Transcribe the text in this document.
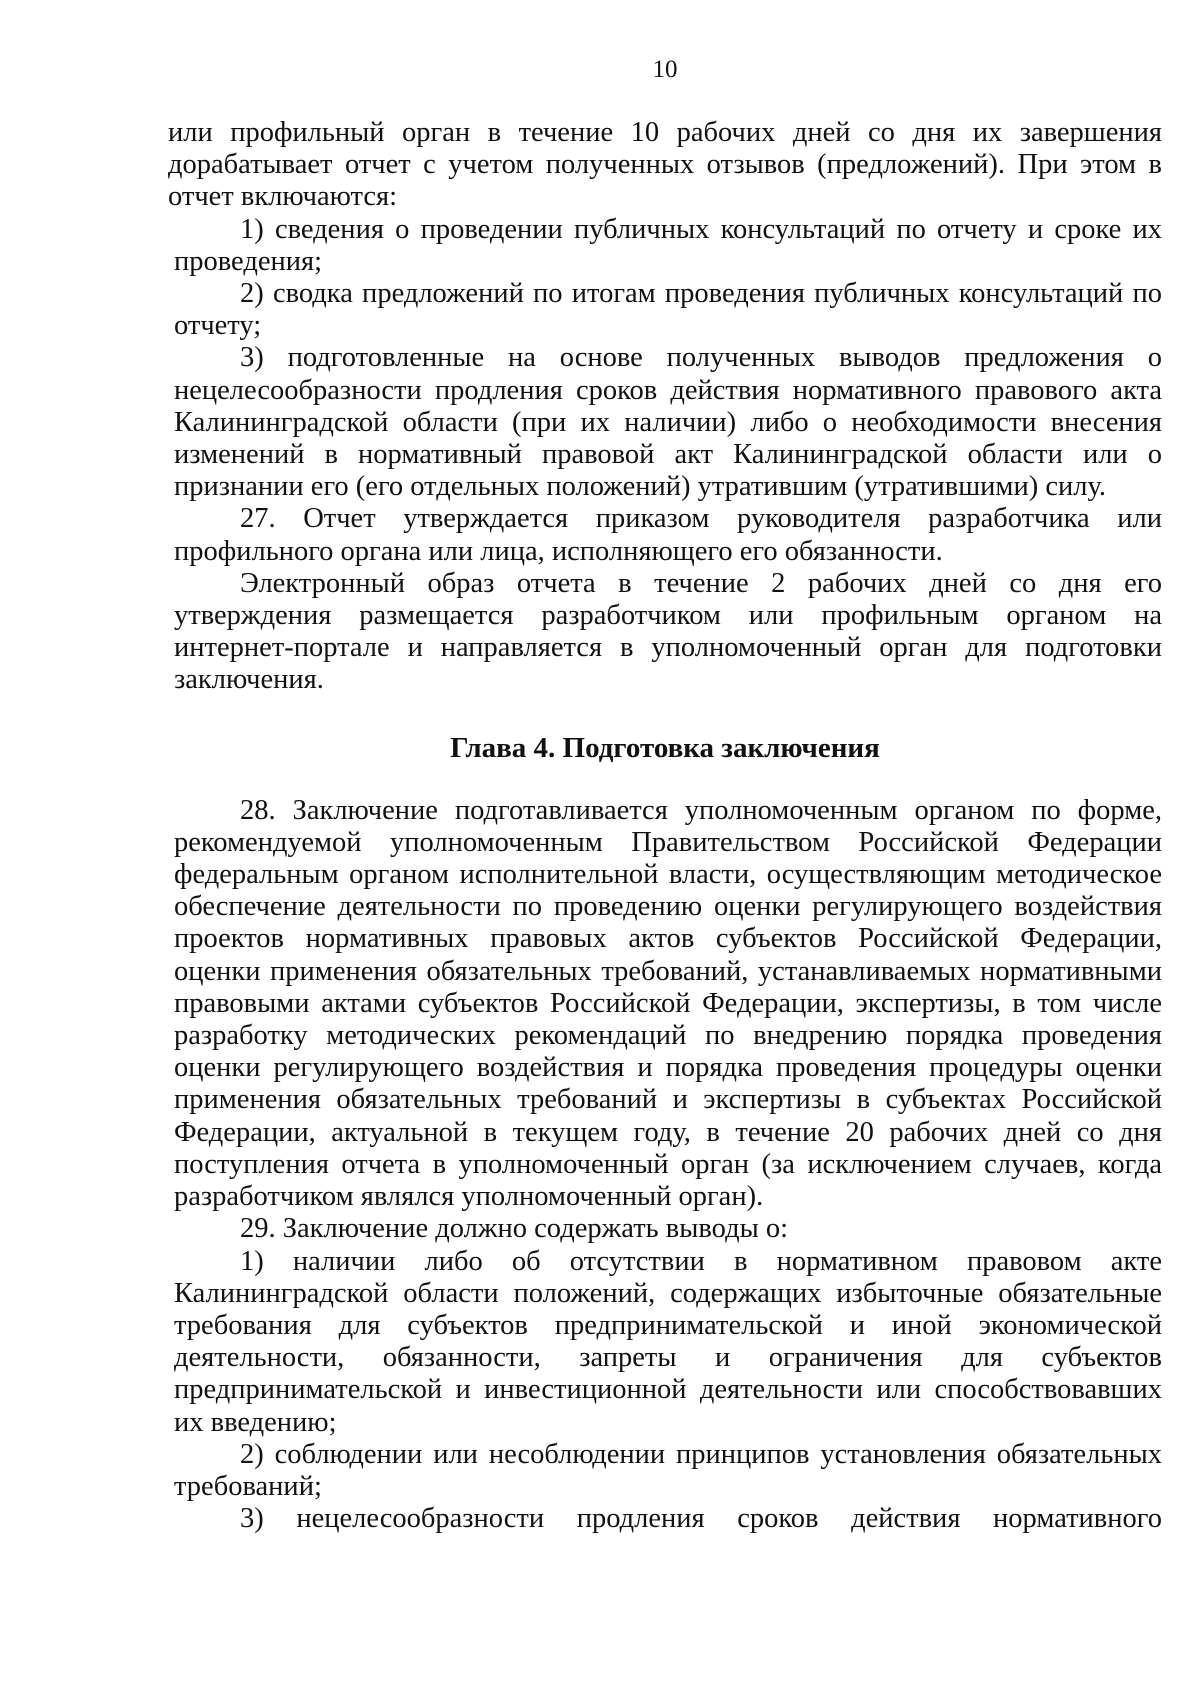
10

или профильный орган в течение 10 рабочих дней со дня их завершения дорабатывает отчет с учетом полученных отзывов (предложений). При этом в отчет включаются:

1) сведения о проведении публичных консультаций по отчету и сроке их проведения;

2) сводка предложений по итогам проведения публичных консультаций по отчету;

3) подготовленные на основе полученных выводов предложения о нецелесообразности продления сроков действия нормативного правового акта Калининградской области (при их наличии) либо о необходимости внесения изменений в нормативный правовой акт Калининградской области или о признании его (его отдельных положений) утратившим (утратившими) силу.

27. Отчет утверждается приказом руководителя разработчика или профильного органа или лица, исполняющего его обязанности.

Электронный образ отчета в течение 2 рабочих дней со дня его утверждения размещается разработчиком или профильным органом на интернет-портале и направляется в уполномоченный орган для подготовки заключения.

Глава 4. Подготовка заключения

28. Заключение подготавливается уполномоченным органом по форме, рекомендуемой уполномоченным Правительством Российской Федерации федеральным органом исполнительной власти, осуществляющим методическое обеспечение деятельности по проведению оценки регулирующего воздействия проектов нормативных правовых актов субъектов Российской Федерации, оценки применения обязательных требований, устанавливаемых нормативными правовыми актами субъектов Российской Федерации, экспертизы, в том числе разработку методических рекомендаций по внедрению порядка проведения оценки регулирующего воздействия и порядка проведения процедуры оценки применения обязательных требований и экспертизы в субъектах Российской Федерации, актуальной в текущем году, в течение 20 рабочих дней со дня поступления отчета в уполномоченный орган (за исключением случаев, когда разработчиком являлся уполномоченный орган).

29. Заключение должно содержать выводы о:

1) наличии либо об отсутствии в нормативном правовом акте Калининградской области положений, содержащих избыточные обязательные требования для субъектов предпринимательской и иной экономической деятельности, обязанности, запреты и ограничения для субъектов предпринимательской и инвестиционной деятельности или способствовавших их введению;

2) соблюдении или несоблюдении принципов установления обязательных требований;

3) нецелесообразности продления сроков действия нормативного
